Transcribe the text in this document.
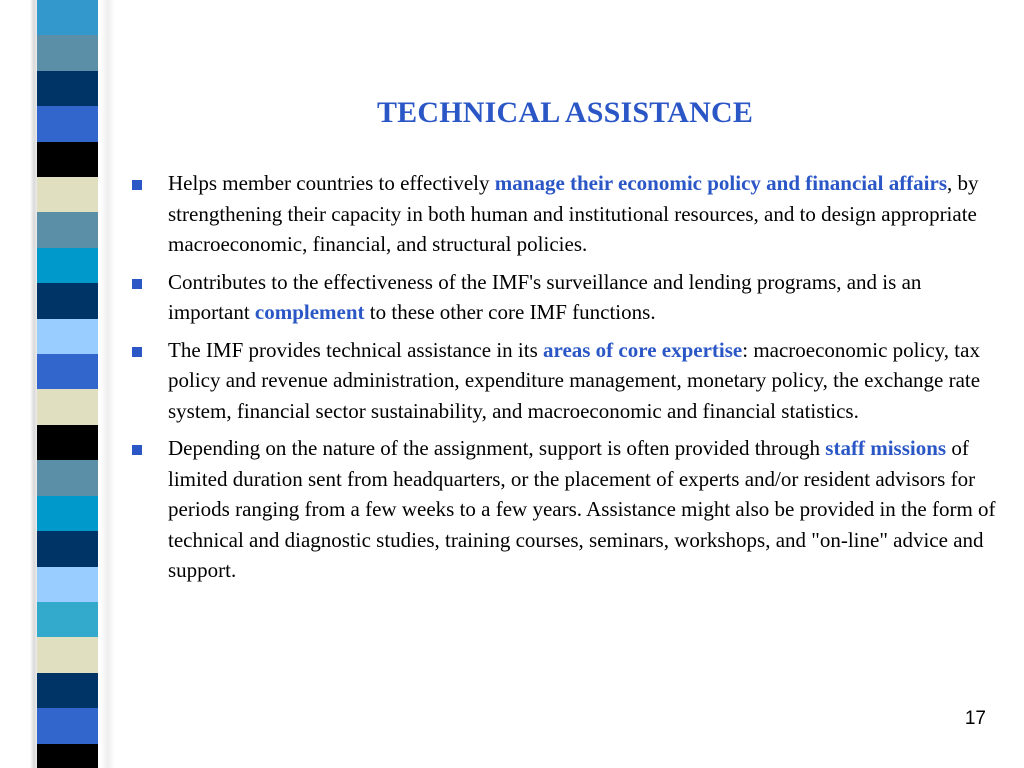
TECHNICAL ASSISTANCE
Helps member countries to effectively manage their economic policy and financial affairs, by strengthening their capacity in both human and institutional resources, and to design appropriate macroeconomic, financial, and structural policies.
Contributes to the effectiveness of the IMF's surveillance and lending programs, and is an important complement to these other core IMF functions.
The IMF provides technical assistance in its areas of core expertise: macroeconomic policy, tax policy and revenue administration, expenditure management, monetary policy, the exchange rate system, financial sector sustainability, and macroeconomic and financial statistics.
Depending on the nature of the assignment, support is often provided through staff missions of limited duration sent from headquarters, or the placement of experts and/or resident advisors for periods ranging from a few weeks to a few years. Assistance might also be provided in the form of technical and diagnostic studies, training courses, seminars, workshops, and "on-line" advice and support.
17
